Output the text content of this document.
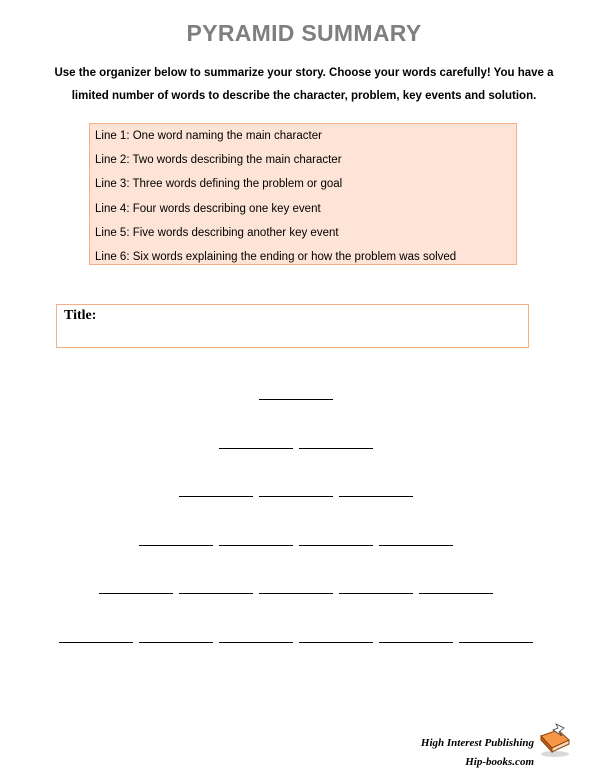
PYRAMID SUMMARY
Use the organizer below to summarize your story. Choose your words carefully! You have a
limited number of words to describe the character, problem, key events and solution.
Line 1: One word naming the main character
Line 2: Two words describing the main character
Line 3: Three words defining the problem or goal
Line 4: Four words describing one key event
Line 5: Five words describing another key event
Line 6: Six words explaining the ending or how the problem was solved
Title:
High Interest Publishing
Hip-books.com
